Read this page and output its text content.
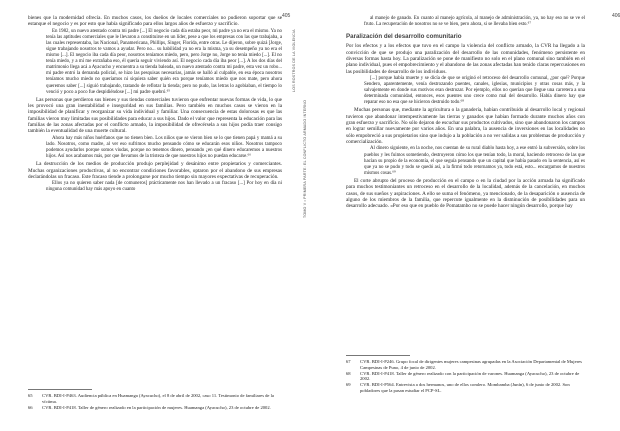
bienes que la modernidad ofrecía. En muchos casos, los dueños de locales comerciales no pudieron soportar que se estanque el negocio y es por esto que había significado para ellos largos años de esfuerzo y sacrificio.

En 1982, un nuevo atentado contra mi padre [...] El negocio cada día estaba peor, mi padre ya no era el mismo. Ya no tenía las aptitudes comerciales que le llevaron a constituirse en un líder, pese a que los empresas con las que trabajaba, a las cuales representaba, las Nacional, Panamericana, Phillips, Singer, Florida, entre otras. Le dijeron, sobre quizá [Jorge, sigue trabajando nosotros te vamos a ayudar. Pero no... su habilidad ya no era la misma, ya su desempeño ya no era el mismo [...]. El negocio iba cada día peor, nosotros teníamos miedo, pero, pero Jorge no, Jorge no tenía miedo [...]. El no tenía miedo, y a mí me extrañaba eso, él quería seguir viviendo así. El negocio cada día iba peor [...]. A los dos días del matrimonio llega acá a Ayacucho y encuentra a su tienda baleada, un nuevo atentado contra mi padre, esta vez un robo... mi padre entró la demanda policial, se hizo las pesquisas necesarias, jamás se halló al culpable, en esa época nosotros teníamos mucho miedo no queríamos ni siquiera saber quién era porque teníamos miedo que nos mate, pero ahora queremos saber [...] siguió trabajando, tratando de reflotar la tienda; pero no pudo, las letras lo agobiaban, el tiempo lo venció y poco a poco fue despidiéndose [...] mi padre quebró.⁶⁵

Las personas que perdieron sus bienes y sus tiendas comerciales tuvieron que enfrentar nuevas formas de vida, lo que les provocó una gran inestabilidad e inseguridad en sus familias. Pero también en muchos casos se vieron en la imposibilidad de planificar y reorganizar su vida individual y familiar. Una consecuencia de estas dolorosas es que las familias vieron muy limitadas sus posibilidades para educar a sus hijos. Dado el valor que representa la educación para las familias de las zonas afectadas por el conflicto armado, la imposibilidad de ofrecérsela a sus hijos podía traer consigo también la eventualidad de una muerte cultural.

Ahora hay más niños huérfanos que no tienen bien. Los niños que se vieron bien se lo que tienen papá y mamá a su lado. Nosotros, como madre, al ver eso sufrimos mucho pensando cómo se educarán esos niños. Nosotros tampoco podemos ayudarlos porque somos viudas, porque no tenemos dinero, pensando ¿en qué dinero educaremos a nuestros hijos. Así nos acabamos más, por que llevamos de la tristeza de que nuestros hijos no puedan educarse.⁶⁶

La destrucción de los medios de producción produjo perplejidad y desánimo entre propietarios y comerciantes. Muchas organizaciones productivas, al no encontrar condiciones favorables, optaron por el abandono de sus empresas declarándolas un fracaso. Este fracaso tiende a prolongarse por mucho tiempo sin mayores expectativas de recuperación.

Ellos ya no quieren saber nada [de comuneros] prácticamente nos han llevado a un fracaso [...] Por hoy en día ni ninguna comunidad hay más apoyo en cuanto

65	CVR. BDI-I-P463. Audiencia pública en Huamanga (Ayacucho), el 8 de abril de 2002, caso 11. Testimonio de familiares de la víctima.
66	CVR. BDI-I-P418. Taller de género realizado en la participación de mujeres. Huamanga (Ayacucho), 23 de octubre de 2002.
405
LOS ROSTROS DE LA VIOLENCIA

al manejo de ganado. En cuanto al manejo agrícola, al manejo de administración, ya, no hay eso no se ve el fruto. La recuperación de nosotros no se ve bien, pero ahora, si se llevaba bien esto.⁶⁷

Paralización del desarrollo comunitario

Por los efectos y a los efectos que tuvo en el campo la violencia del conflicto armado, la CVR ha llegado a la convicción de que se produjo una paralización del desarrollo de las comunidades, fenómeno persistente en diversas formas hasta hoy. La paralización se pone de manifiesto no solo en el plano comunal sino también en el plano individual, pues el empobrecimiento y el abandono de las zonas afectadas han tenido claras repercusiones en las posibilidades de desarrollo de los individuos.

[...] porque había muerte y se dicía de que se originó el retroceso del desarrollo comunal, ¿por qué? Porque Sendero, aparentemente, venía destrozando puentes, canales, iglesias, municipios y otras cosas más, y la salvajemente en donde sus motivos eran destrozar. Por ejemplo, ellos no querían que llegue una carretera a una determinada comunidad, entonces, esos puentes uno crece como mal del desarrollo. Había dinero hay que reparar eso no esa que se hicieron destruido todo.⁶⁸

Muchas personas que, mediante la agricultura o la ganadería, habían contribuido al desarrollo local y regional tuvieron que abandonar intempestivamente las tierras y ganados que habían formado durante muchos años con gran esfuerzo y sacrificio. No sólo dejaron de escuchar sus productos cultivados, sino que abandonaron los campos en lograr semillar nuevamente por varios años. En una palabra, la ausencia de inversiones en las localidades no sólo empobreció a sus propietarios sino que indujo a la población a no ver salidas a sus problemas de producción y comercialización.

Al dinero siguiente, en la noche, nos cuentan de su rural diablo hasta hoy, a ese entró la subversión, sobre los pueblos y les fuimos sometiendo, destruyeron cómo los que tenían todo, la moral, haciendo retroceso de las que hacían su propio de la economía, el que seguía pensando que un capital que había pasado en la sentencia, así es que ya no se pudo y todo se quedó así, a la firmó todo retornamos ya, todo está, esto... encargamos de nuestros mismos cosas.⁶⁹

El corte abrupto del proceso de producción en el campo o en la ciudad por la acción armada ha significado para muchos testimoniantes un retroceso en el desarrollo de la localidad, además de la cancelación, en muchos casos, de sus sueños y aspiraciones. A ello se suma el fenómeno, ya mencionado, de la desaparición o ausencia de alguno de los miembros de la familia, que repercute igualmente en la disminución de posibilidades para un desarrollo adecuado. «Por eso que en pueblo de Pomatambo no se puede hacer ningún desarrollo, porque hay

67	CVR. BDI-I-P246. Grupo focal de dirigentes mujeres campesinas agrupadas en la Asociación Departamental de Mujeres Campesinas de Puno, 4 de junio de 2002.
68	CVR. BDI-I-P418. Taller de género realizado con la participación de varones. Huamanga (Ayacucho), 23 de octubre de 2002.
69	CVR. BDI-I-P564. Entrevista a dos hermanos, uno de ellos comlero. Mombamba (Junín), 6 de junio de 2002. Son pobladores que la pasan estudiar el PCP-SL.
406
TOMO V • PRIMERA PARTE: EL CONFLICTO ARMADO INTERNO
